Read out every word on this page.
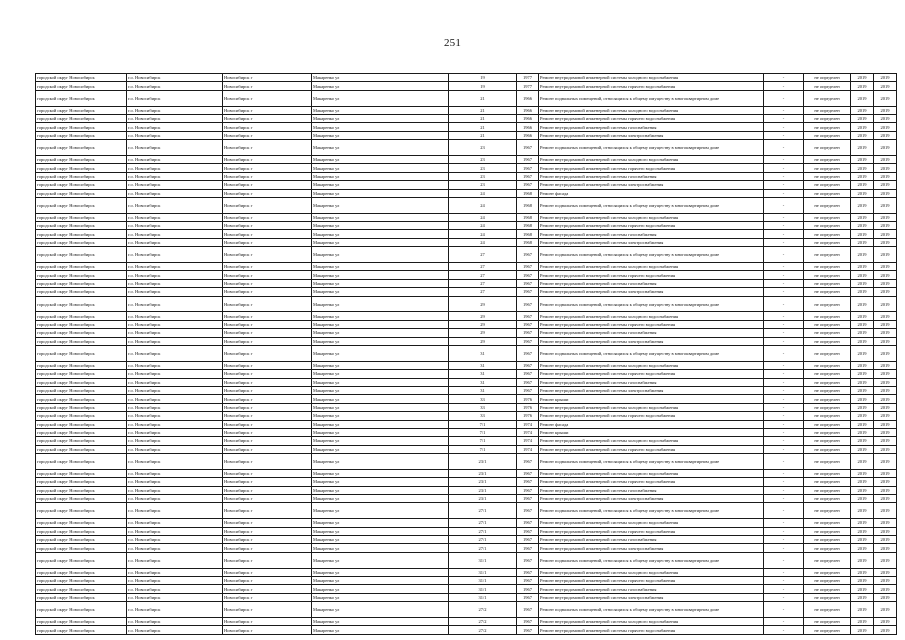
251
городской округ Новосибирск	г.о. Новосибирск	Новосибирск г	Макаренко ул	19	1977	Ремонт внутридомовой инженерной системы холодного водоснабжения	-	не определен	2019	2019
городской округ Новосибирск	г.о. Новосибирск	Новосибирск г	Макаренко ул	19	1977	Ремонт внутридомовой инженерной системы горячего водоснабжения	-	не определен	2019	2019
городской округ Новосибирск	г.о. Новосибирск	Новосибирск г	Макаренко ул	21	1966	Ремонт подвальных помещений, относящихся к общему имуществу в многоквартирном доме	-	не определен	2019	2019
городской округ Новосибирск	г.о. Новосибирск	Новосибирск г	Макаренко ул	21	1966	Ремонт внутридомовой инженерной системы холодного водоснабжения	-	не определен	2019	2019
городской округ Новосибирск	г.о. Новосибирск	Новосибирск г	Макаренко ул	21	1966	Ремонт внутридомовой инженерной системы горячего водоснабжения	-	не определен	2019	2019
городской округ Новосибирск	г.о. Новосибирск	Новосибирск г	Макаренко ул	21	1966	Ремонт внутридомовой инженерной системы газоснабжения	-	не определен	2019	2019
городской округ Новосибирск	г.о. Новосибирск	Новосибирск г	Макаренко ул	21	1966	Ремонт внутридомовой инженерной системы электроснабжения	-	не определен	2019	2019
городской округ Новосибирск	г.о. Новосибирск	Новосибирск г	Макаренко ул	23	1967	Ремонт подвальных помещений, относящихся к общему имуществу в многоквартирном доме	-	не определен	2019	2019
городской округ Новосибирск	г.о. Новосибирск	Новосибирск г	Макаренко ул	23	1967	Ремонт внутридомовой инженерной системы холодного водоснабжения	-	не определен	2019	2019
городской округ Новосибирск	г.о. Новосибирск	Новосибирск г	Макаренко ул	23	1967	Ремонт внутридомовой инженерной системы горячего водоснабжения	-	не определен	2019	2019
городской округ Новосибирск	г.о. Новосибирск	Новосибирск г	Макаренко ул	23	1967	Ремонт внутридомовой инженерной системы газоснабжения	-	не определен	2019	2019
городской округ Новосибирск	г.о. Новосибирск	Новосибирск г	Макаренко ул	23	1967	Ремонт внутридомовой инженерной системы электроснабжения	-	не определен	2019	2019
городской округ Новосибирск	г.о. Новосибирск	Новосибирск г	Макаренко ул	24	1968	Ремонт фасада	-	не определен	2019	2019
городской округ Новосибирск	г.о. Новосибирск	Новосибирск г	Макаренко ул	24	1968	Ремонт подвальных помещений, относящихся к общему имуществу в многоквартирном доме	-	не определен	2019	2019
городской округ Новосибирск	г.о. Новосибирск	Новосибирск г	Макаренко ул	24	1968	Ремонт внутридомовой инженерной системы холодного водоснабжения	-	не определен	2019	2019
городской округ Новосибирск	г.о. Новосибирск	Новосибирск г	Макаренко ул	24	1968	Ремонт внутридомовой инженерной системы горячего водоснабжения	-	не определен	2019	2019
городской округ Новосибирск	г.о. Новосибирск	Новосибирск г	Макаренко ул	24	1968	Ремонт внутридомовой инженерной системы газоснабжения	-	не определен	2019	2019
городской округ Новосибирск	г.о. Новосибирск	Новосибирск г	Макаренко ул	24	1968	Ремонт внутридомовой инженерной системы электроснабжения	-	не определен	2019	2019
городской округ Новосибирск	г.о. Новосибирск	Новосибирск г	Макаренко ул	27	1967	Ремонт подвальных помещений, относящихся к общему имуществу в многоквартирном доме	-	не определен	2019	2019
городской округ Новосибирск	г.о. Новосибирск	Новосибирск г	Макаренко ул	27	1967	Ремонт внутридомовой инженерной системы холодного водоснабжения	-	не определен	2019	2019
городской округ Новосибирск	г.о. Новосибирск	Новосибирск г	Макаренко ул	27	1967	Ремонт внутридомовой инженерной системы горячего водоснабжения	-	не определен	2019	2019
городской округ Новосибирск	г.о. Новосибирск	Новосибирск г	Макаренко ул	27	1967	Ремонт внутридомовой инженерной системы газоснабжения	-	не определен	2019	2019
городской округ Новосибирск	г.о. Новосибирск	Новосибирск г	Макаренко ул	27	1967	Ремонт внутридомовой инженерной системы электроснабжения	-	не определен	2019	2019
городской округ Новосибирск	г.о. Новосибирск	Новосибирск г	Макаренко ул	29	1967	Ремонт подвальных помещений, относящихся к общему имуществу в многоквартирном доме	-	не определен	2019	2019
городской округ Новосибирск	г.о. Новосибирск	Новосибирск г	Макаренко ул	29	1967	Ремонт внутридомовой инженерной системы холодного водоснабжения	-	не определен	2019	2019
городской округ Новосибирск	г.о. Новосибирск	Новосибирск г	Макаренко ул	29	1967	Ремонт внутридомовой инженерной системы горячего водоснабжения	-	не определен	2019	2019
городской округ Новосибирск	г.о. Новосибирск	Новосибирск г	Макаренко ул	29	1967	Ремонт внутридомовой инженерной системы газоснабжения	-	не определен	2019	2019
городской округ Новосибирск	г.о. Новосибирск	Новосибирск г	Макаренко ул	29	1967	Ремонт внутридомовой инженерной системы электроснабжения	-	не определен	2019	2019
городской округ Новосибирск	г.о. Новосибирск	Новосибирск г	Макаренко ул	31	1967	Ремонт подвальных помещений, относящихся к общему имуществу в многоквартирном доме	-	не определен	2019	2019
городской округ Новосибирск	г.о. Новосибирск	Новосибирск г	Макаренко ул	31	1967	Ремонт внутридомовой инженерной системы холодного водоснабжения	-	не определен	2019	2019
городской округ Новосибирск	г.о. Новосибирск	Новосибирск г	Макаренко ул	31	1967	Ремонт внутридомовой инженерной системы горячего водоснабжения	-	не определен	2019	2019
городской округ Новосибирск	г.о. Новосибирск	Новосибирск г	Макаренко ул	31	1967	Ремонт внутридомовой инженерной системы газоснабжения	-	не определен	2019	2019
городской округ Новосибирск	г.о. Новосибирск	Новосибирск г	Макаренко ул	31	1967	Ремонт внутридомовой инженерной системы электроснабжения	-	не определен	2019	2019
городской округ Новосибирск	г.о. Новосибирск	Новосибирск г	Макаренко ул	33	1976	Ремонт крыши	-	не определен	2019	2019
городской округ Новосибирск	г.о. Новосибирск	Новосибирск г	Макаренко ул	33	1976	Ремонт внутридомовой инженерной системы холодного водоснабжения	-	не определен	2019	2019
городской округ Новосибирск	г.о. Новосибирск	Новосибирск г	Макаренко ул	33	1976	Ремонт внутридомовой инженерной системы горячего водоснабжения	-	не определен	2019	2019
городской округ Новосибирск	г.о. Новосибирск	Новосибирск г	Макаренко ул	7/1	1974	Ремонт фасада	-	не определен	2019	2019
городской округ Новосибирск	г.о. Новосибирск	Новосибирск г	Макаренко ул	7/1	1974	Ремонт крыши	-	не определен	2019	2019
городской округ Новосибирск	г.о. Новосибирск	Новосибирск г	Макаренко ул	7/1	1974	Ремонт внутридомовой инженерной системы холодного водоснабжения	-	не определен	2019	2019
городской округ Новосибирск	г.о. Новосибирск	Новосибирск г	Макаренко ул	7/1	1974	Ремонт внутридомовой инженерной системы горячего водоснабжения	-	не определен	2019	2019
городской округ Новосибирск	г.о. Новосибирск	Новосибирск г	Макаренко ул	23/1	1967	Ремонт подвальных помещений, относящихся к общему имуществу в многоквартирном доме	-	не определен	2019	2019
городской округ Новосибирск	г.о. Новосибирск	Новосибирск г	Макаренко ул	23/1	1967	Ремонт внутридомовой инженерной системы холодного водоснабжения	-	не определен	2019	2019
городской округ Новосибирск	г.о. Новосибирск	Новосибирск г	Макаренко ул	23/1	1967	Ремонт внутридомовой инженерной системы горячего водоснабжения	-	не определен	2019	2019
городской округ Новосибирск	г.о. Новосибирск	Новосибирск г	Макаренко ул	23/1	1967	Ремонт внутридомовой инженерной системы газоснабжения	-	не определен	2019	2019
городской округ Новосибирск	г.о. Новосибирск	Новосибирск г	Макаренко ул	23/1	1967	Ремонт внутридомовой инженерной системы электроснабжения	-	не определен	2019	2019
городской округ Новосибирск	г.о. Новосибирск	Новосибирск г	Макаренко ул	27/1	1967	Ремонт подвальных помещений, относящихся к общему имуществу в многоквартирном доме	-	не определен	2019	2019
городской округ Новосибирск	г.о. Новосибирск	Новосибирск г	Макаренко ул	27/1	1967	Ремонт внутридомовой инженерной системы холодного водоснабжения	-	не определен	2019	2019
городской округ Новосибирск	г.о. Новосибирск	Новосибирск г	Макаренко ул	27/1	1967	Ремонт внутридомовой инженерной системы горячего водоснабжения	-	не определен	2019	2019
городской округ Новосибирск	г.о. Новосибирск	Новосибирск г	Макаренко ул	27/1	1967	Ремонт внутридомовой инженерной системы газоснабжения	-	не определен	2019	2019
городской округ Новосибирск	г.о. Новосибирск	Новосибирск г	Макаренко ул	27/1	1967	Ремонт внутридомовой инженерной системы электроснабжения	-	не определен	2019	2019
городской округ Новосибирск	г.о. Новосибирск	Новосибирск г	Макаренко ул	31/1	1967	Ремонт подвальных помещений, относящихся к общему имуществу в многоквартирном доме	-	не определен	2019	2019
городской округ Новосибирск	г.о. Новосибирск	Новосибирск г	Макаренко ул	31/1	1967	Ремонт внутридомовой инженерной системы холодного водоснабжения	-	не определен	2019	2019
городской округ Новосибирск	г.о. Новосибирск	Новосибирск г	Макаренко ул	31/1	1967	Ремонт внутридомовой инженерной системы горячего водоснабжения	-	не определен	2019	2019
городской округ Новосибирск	г.о. Новосибирск	Новосибирск г	Макаренко ул	31/1	1967	Ремонт внутридомовой инженерной системы газоснабжения	-	не определен	2019	2019
городской округ Новосибирск	г.о. Новосибирск	Новосибирск г	Макаренко ул	31/1	1967	Ремонт внутридомовой инженерной системы электроснабжения	-	не определен	2019	2019
городской округ Новосибирск	г.о. Новосибирск	Новосибирск г	Макаренко ул	27/2	1967	Ремонт подвальных помещений, относящихся к общему имуществу в многоквартирном доме	-	не определен	2019	2019
городской округ Новосибирск	г.о. Новосибирск	Новосибирск г	Макаренко ул	27/2	1967	Ремонт внутридомовой инженерной системы холодного водоснабжения	-	не определен	2019	2019
городской округ Новосибирск	г.о. Новосибирск	Новосибирск г	Макаренко ул	27/2	1967	Ремонт внутридомовой инженерной системы горячего водоснабжения	-	не определен	2019	2019
